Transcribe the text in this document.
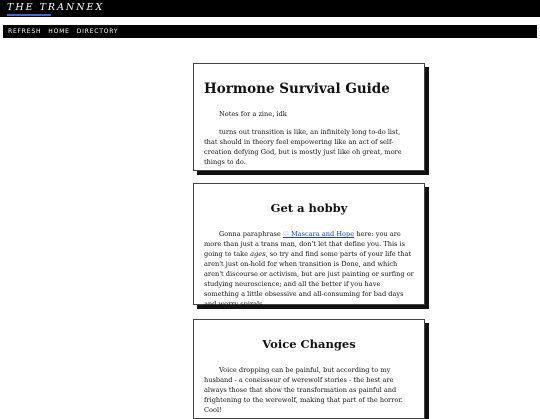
THE TRANNEX
REFRESH HOME DIRECTORY
Hormone Survival Guide

Notes for a zine, idk

turns out transition is like, an infinitely long to-do list, that should in theory feel empowering like an act of self-creation defying God, but is mostly just like oh great, more things to do.

Get a hobby

Gonna paraphrase ♡ Mascara and Hope here: you are more than just a trans man, don't let that define you. This is going to take ages, so try and find some parts of your life that aren't just on-hold for when transition is Done, and which aren't discourse or activism, but are just painting or surfing or studying neuroscience; and all the better if you have something a little obsessive and all-consuming for bad days and worry spirals.

Voice Changes

Voice dropping can be painful, but according to my husband - a coneisseur of werewolf stories - the best are always those that show the transformation as painful and frightening to the werewolf, making that part of the horror. Cool!
